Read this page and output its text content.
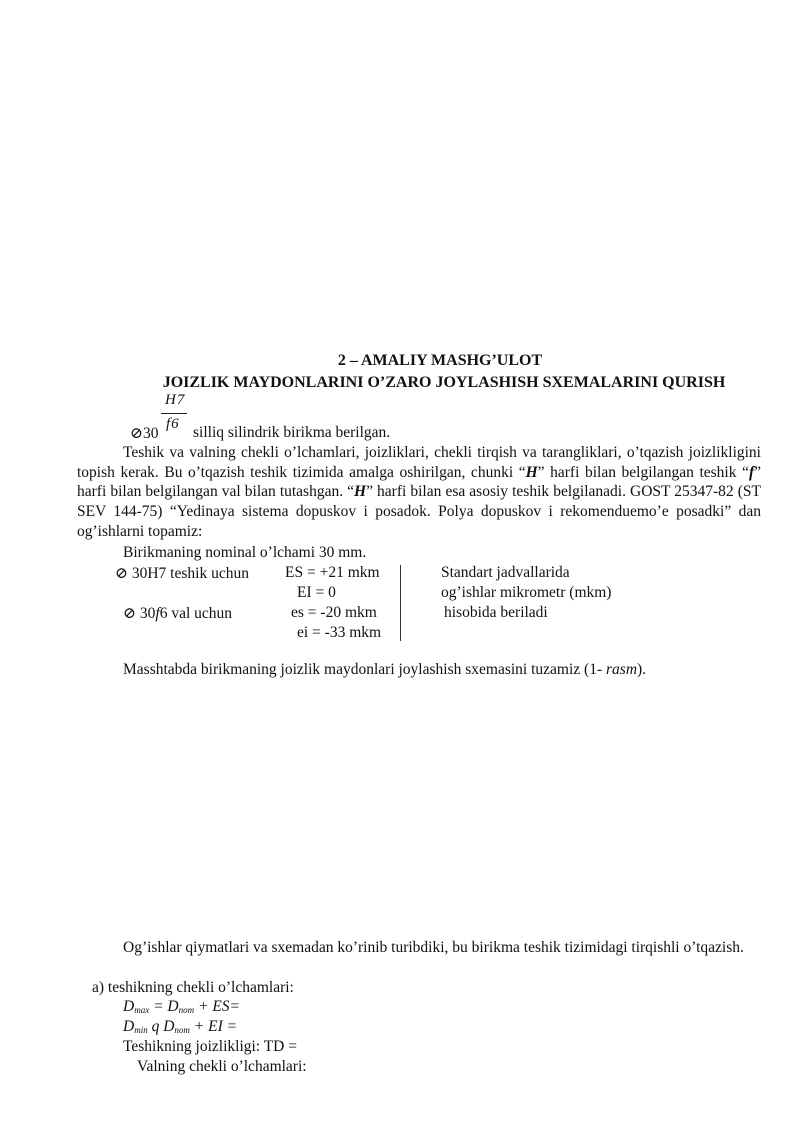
2 – AMALIY MASHG’ULOT
JOIZLIK MAYDONLARINI O’ZARO JOYLASHISH SXEMALARINI QURISH
H7
f6
⊘30 silliq silindrik birikma berilgan.
Teshik va valning chekli o’lchamlari, joizliklari, chekli tirqish va tarangliklari, o’tqazish joizlikligini topish kerak. Bu o’tqazish teshik tizimida amalga oshirilgan, chunki “H” harfi bilan belgilangan teshik “f” harfi bilan belgilangan val bilan tutashgan. “H” harfi bilan esa asosiy teshik belgilanadi. GOST 25347-82 (ST SEV 144-75) “Yedinaya sistema dopuskov i posadok. Polya dopuskov i rekomenduemo’e posadki” dan og’ishlarni topamiz:
Birikmaning nominal o’lchami 30 mm.
⊘ 30H7 teshik uchun ES = +21 mkm	Standart jadvallarida
EI = 0	og’ishlar mikrometr (mkm)
⊘ 30f6 val uchun	es = -20 mkm	hisobida beriladi
ei = -33 mkm
Masshtabda birikmaning joizlik maydonlari joylashish sxemasini tuzamiz (1- rasm).
Og’ishlar qiymatlari va sxemadan ko’rinib turibdiki, bu birikma teshik tizimidagi tirqishli o’tqazish.
a) teshikning chekli o’lchamlari:
$D_{max} = D_{nom} + ES=$
$D_{min}$ q $D_{nom}$ + EI =
Teshikning joizlikligi: TD =
Valning chekli o’lchamlari:
